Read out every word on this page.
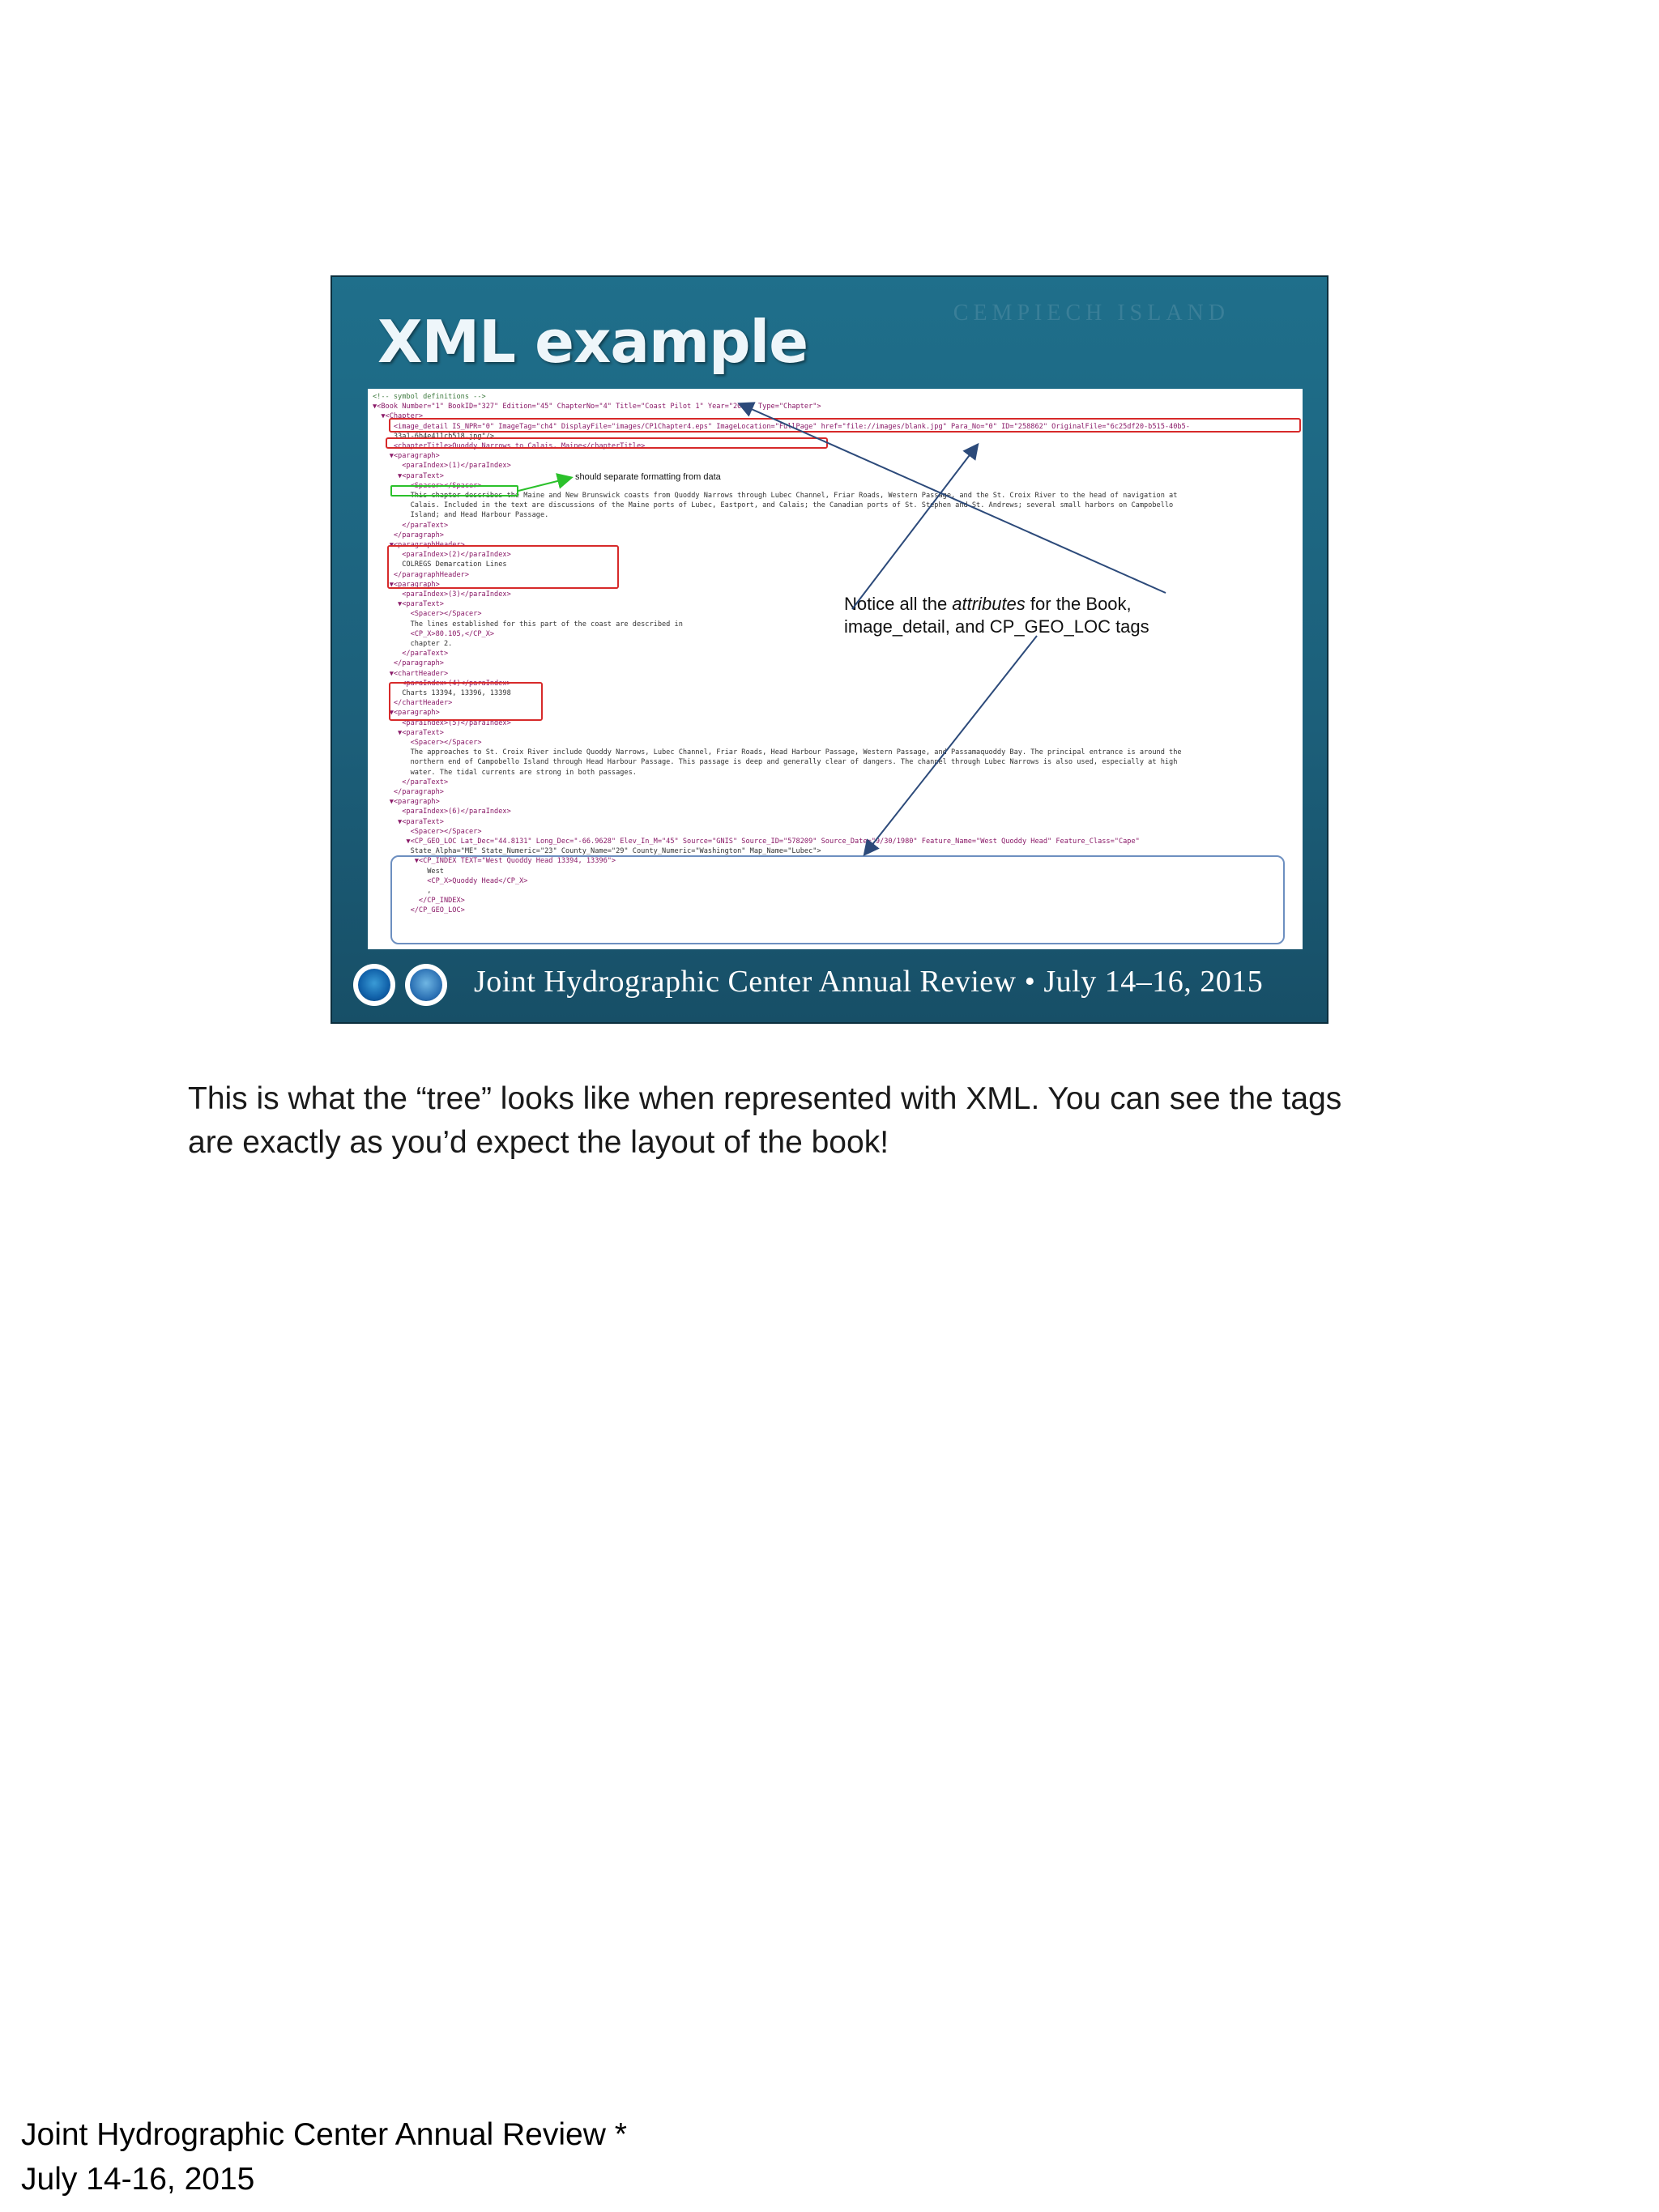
CEMPIECH ISLAND
XML example
<!-- symbol definitions -->
▼<Book Number="1" BookID="327" Edition="45" ChapterNo="4" Title="Coast Pilot 1" Year="2015" Type="Chapter">
▼<Chapter>
<image_detail IS_NPR="0" ImageTag="ch4" DisplayFile="images/CP1Chapter4.eps" ImageLocation="FullPage" href="file://images/blank.jpg" Para_No="0" ID="258862" OriginalFile="6c25df20-b515-40b5-
33a1-6b4e411cb518.jpg"/>
<chapterTitle>Quoddy Narrows to Calais, Maine</chapterTitle>
▼<paragraph>
<paraIndex>(1)</paraIndex>
▼<paraText>
<Spacer></Spacer>
This chapter describes the Maine and New Brunswick coasts from Quoddy Narrows through Lubec Channel, Friar Roads, Western Passage, and the St. Croix River to the head of navigation at
Calais. Included in the text are discussions of the Maine ports of Lubec, Eastport, and Calais; the Canadian ports of St. Stephen and St. Andrews; several small harbors on Campobello
Island; and Head Harbour Passage.
</paraText>
</paragraph>
▼<paragraphHeader>
<paraIndex>(2)</paraIndex>
COLREGS Demarcation Lines
</paragraphHeader>
▼<paragraph>
<paraIndex>(3)</paraIndex>
▼<paraText>
<Spacer></Spacer>
The lines established for this part of the coast are described in
<CP_X>80.105,</CP_X>
chapter 2.
</paraText>
</paragraph>
▼<chartHeader>
<paraIndex>(4)</paraIndex>
Charts 13394, 13396, 13398
</chartHeader>
▼<paragraph>
<paraIndex>(5)</paraIndex>
▼<paraText>
<Spacer></Spacer>
The approaches to St. Croix River include Quoddy Narrows, Lubec Channel, Friar Roads, Head Harbour Passage, Western Passage, and Passamaquoddy Bay. The principal entrance is around the
northern end of Campobello Island through Head Harbour Passage. This passage is deep and generally clear of dangers. The channel through Lubec Narrows is also used, especially at high
water. The tidal currents are strong in both passages.
</paraText>
</paragraph>
▼<paragraph>
<paraIndex>(6)</paraIndex>
▼<paraText>
<Spacer></Spacer>
▼<CP_GEO_LOC Lat_Dec="44.8131" Long_Dec="-66.9628" Elev_In_M="45" Source="GNIS" Source_ID="578209" Source_Date="9/30/1980" Feature_Name="West Quoddy Head" Feature_Class="Cape"
State_Alpha="ME" State_Numeric="23" County_Name="29" County_Numeric="Washington" Map_Name="Lubec">
▼<CP_INDEX TEXT="West Quoddy Head 13394, 13396">
West
<CP_X>Quoddy Head</CP_X>
,
</CP_INDEX>
</CP_GEO_LOC>
should separate formatting from data
Notice all the attributes for the Book,
image_detail, and CP_GEO_LOC tags
Joint Hydrographic Center Annual Review • July 14–16, 2015

This is what the “tree” looks like when represented with XML. You can see the tags

are exactly as you’d expect the layout of the book!

Joint Hydrographic Center Annual Review *
July 14-16, 2015
